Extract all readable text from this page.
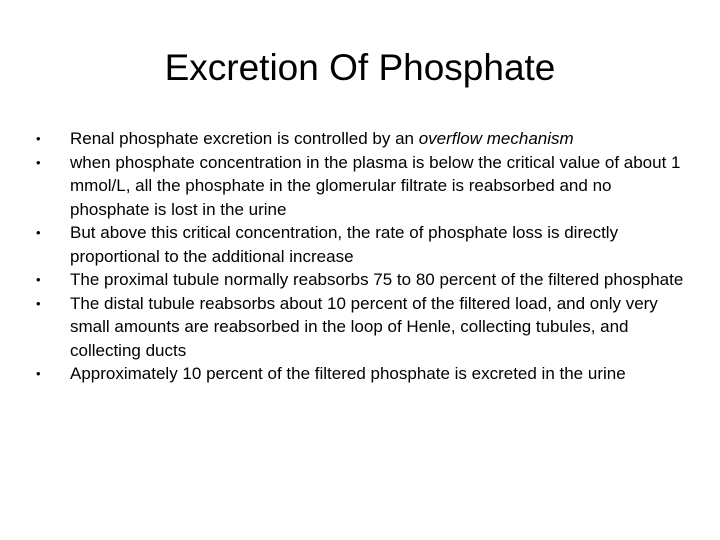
Excretion Of Phosphate
•	Renal phosphate excretion is controlled by an overflow mechanism
•	when phosphate concentration in the plasma is below the critical value of about 1 mmol/L, all the phosphate in the glomerular filtrate is reabsorbed and no phosphate is lost in the urine
•	But above this critical concentration, the rate of phosphate loss is directly proportional to the additional increase
•	The proximal tubule normally reabsorbs 75 to 80 percent of the filtered phosphate
•	The distal tubule reabsorbs about 10 percent of the filtered load, and only very small amounts are reabsorbed in the loop of Henle, collecting tubules, and collecting ducts
•	Approximately 10 percent of the filtered phosphate is excreted in the urine
